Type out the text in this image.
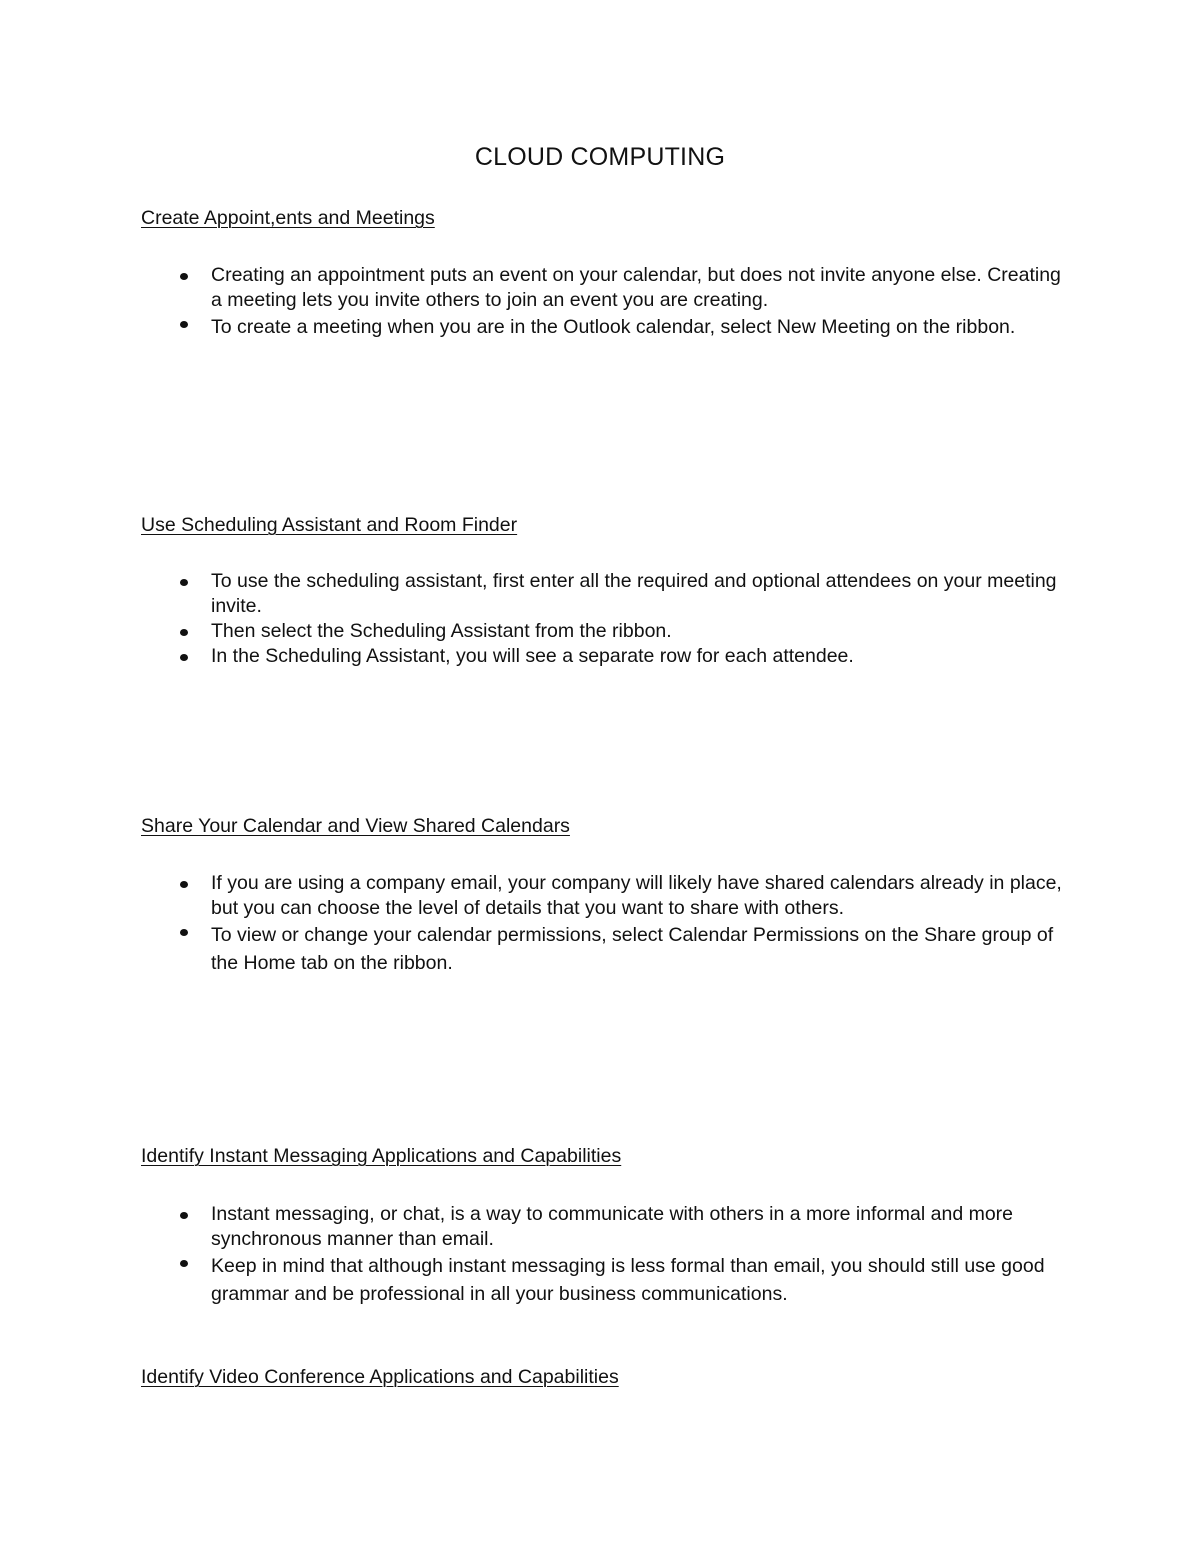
CLOUD COMPUTING
Create Appoint,ents and Meetings
Creating an appointment puts an event on your calendar, but does not invite anyone else. Creating a meeting lets you invite others to join an event you are creating.
To create a meeting when you are in the Outlook calendar, select New Meeting on the ribbon.
Use Scheduling Assistant and Room Finder
To use the scheduling assistant, first enter all the required and optional attendees on your meeting invite.
Then select the Scheduling Assistant from the ribbon.
In the Scheduling Assistant, you will see a separate row for each attendee.
Share Your Calendar and View Shared Calendars
If you are using a company email, your company will likely have shared calendars already in place, but you can choose the level of details that you want to share with others.
To view or change your calendar permissions, select Calendar Permissions on the Share group of the Home tab on the ribbon.
Identify Instant Messaging Applications and Capabilities
Instant messaging, or chat, is a way to communicate with others in a more informal and more synchronous manner than email.
Keep in mind that although instant messaging is less formal than email, you should still use good grammar and be professional in all your business communications.
Identify Video Conference Applications and Capabilities
